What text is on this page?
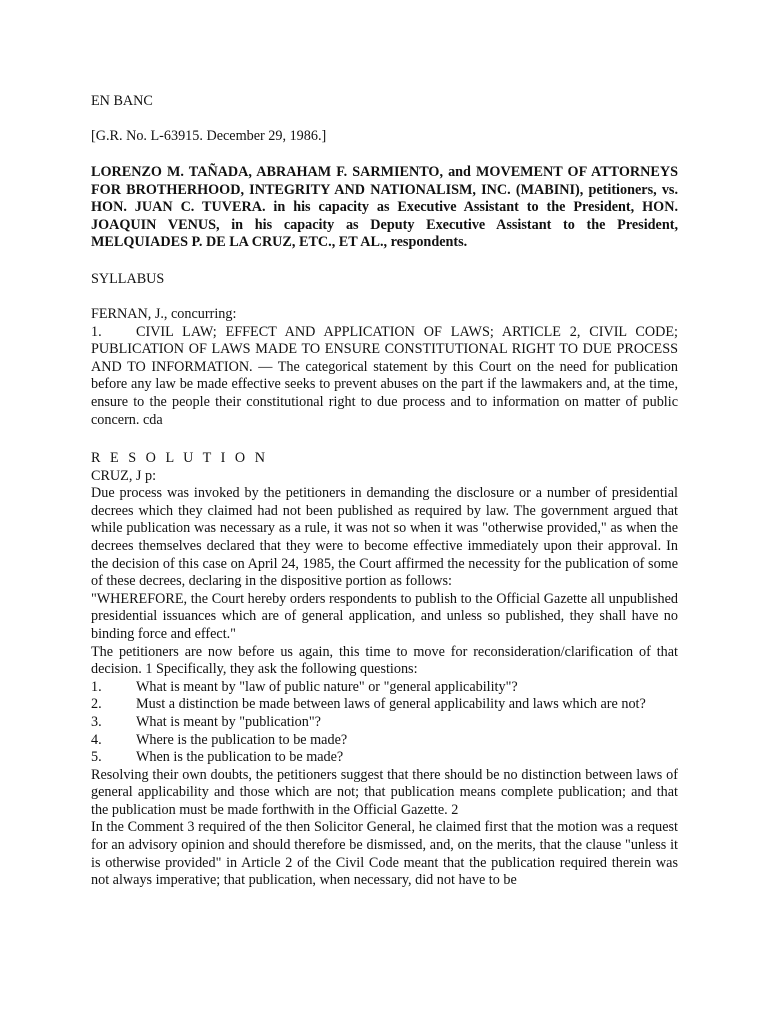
EN BANC

[G.R. No. L-63915. December 29, 1986.]

LORENZO M. TAÑADA, ABRAHAM F. SARMIENTO, and MOVEMENT OF ATTORNEYS FOR BROTHERHOOD, INTEGRITY AND NATIONALISM, INC. (MABINI), petitioners, vs. HON. JUAN C. TUVERA. in his capacity as Executive Assistant to the President, HON. JOAQUIN VENUS, in his capacity as Deputy Executive Assistant to the President, MELQUIADES P. DE LA CRUZ, ETC., ET AL., respondents.

SYLLABUS

FERNAN, J., concurring:
1. CIVIL LAW; EFFECT AND APPLICATION OF LAWS; ARTICLE 2, CIVIL CODE; PUBLICATION OF LAWS MADE TO ENSURE CONSTITUTIONAL RIGHT TO DUE PROCESS AND TO INFORMATION. — The categorical statement by this Court on the need for publication before any law be made effective seeks to prevent abuses on the part if the lawmakers and, at the time, ensure to the people their constitutional right to due process and to information on matter of public concern. cda
R E S O L U T I O N
CRUZ, J p:
Due process was invoked by the petitioners in demanding the disclosure or a number of presidential decrees which they claimed had not been published as required by law. The government argued that while publication was necessary as a rule, it was not so when it was "otherwise provided," as when the decrees themselves declared that they were to become effective immediately upon their approval. In the decision of this case on April 24, 1985, the Court affirmed the necessity for the publication of some of these decrees, declaring in the dispositive portion as follows:
"WHEREFORE, the Court hereby orders respondents to publish to the Official Gazette all unpublished presidential issuances which are of general application, and unless so published, they shall have no binding force and effect."
The petitioners are now before us again, this time to move for reconsideration/clarification of that decision. 1 Specifically, they ask the following questions:
1.	What is meant by "law of public nature" or "general applicability"?
2.	Must a distinction be made between laws of general applicability and laws which are not?
3.	What is meant by "publication"?
4.	Where is the publication to be made?
5.	When is the publication to be made?
Resolving their own doubts, the petitioners suggest that there should be no distinction between laws of general applicability and those which are not; that publication means complete publication; and that the publication must be made forthwith in the Official Gazette. 2
In the Comment 3 required of the then Solicitor General, he claimed first that the motion was a request for an advisory opinion and should therefore be dismissed, and, on the merits, that the clause "unless it is otherwise provided" in Article 2 of the Civil Code meant that the publication required therein was not always imperative; that publication, when necessary, did not have to be
